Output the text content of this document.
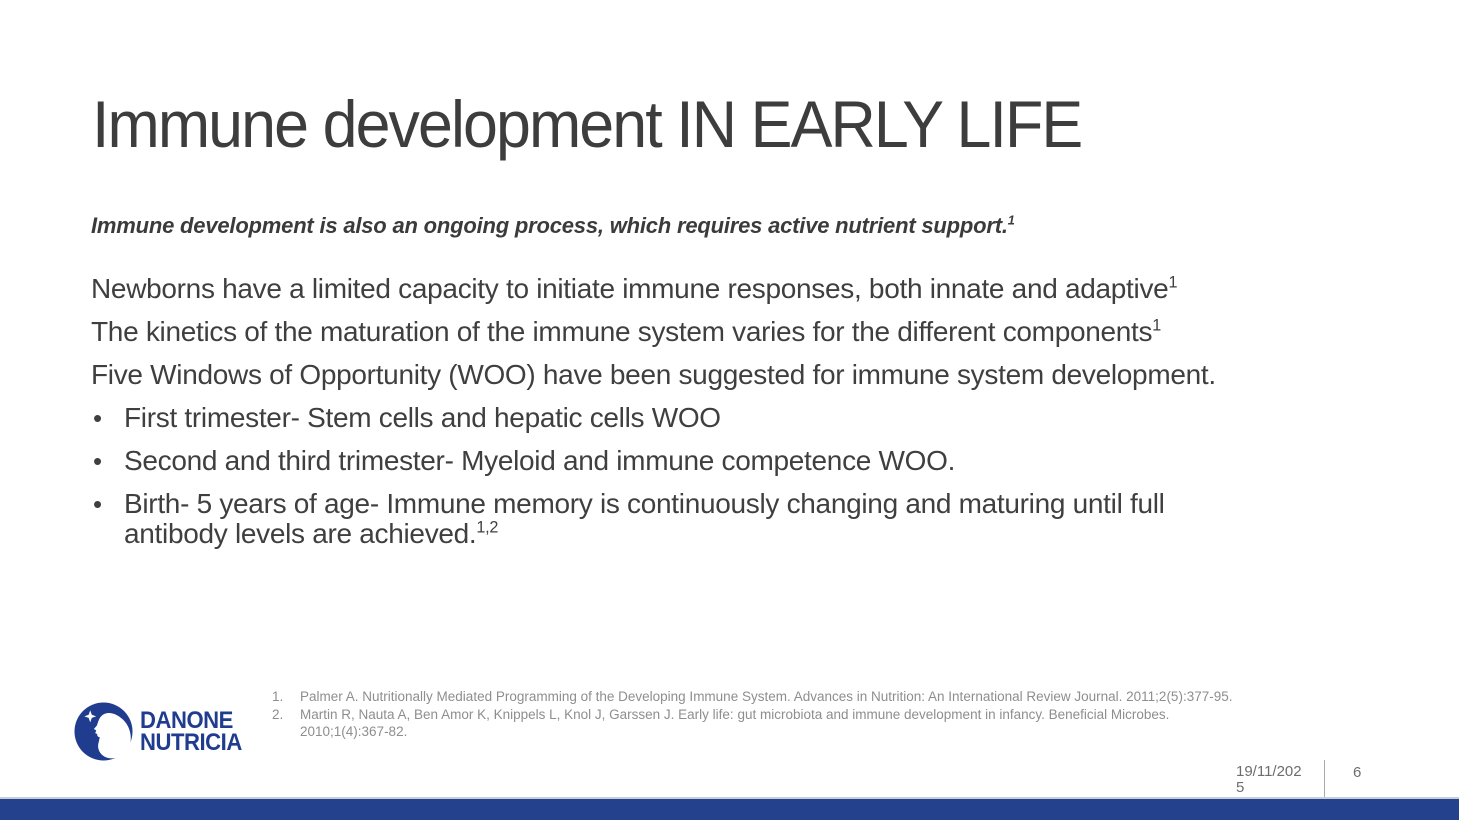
Immune development IN EARLY LIFE
Immune development is also an ongoing process, which requires active nutrient support.$^1$
Newborns have a limited capacity to initiate immune responses, both innate and adaptive$^1$
The kinetics of the maturation of the immune system varies for the different components$^1$
Five Windows of Opportunity (WOO) have been suggested for immune system development.
• First trimester- Stem cells and hepatic cells WOO
• Second and third trimester- Myeloid and immune competence WOO.
• Birth- 5 years of age- Immune memory is continuously changing and maturing until full antibody levels are achieved.$^{1,2}$
1.	Palmer A. Nutritionally Mediated Programming of the Developing Immune System. Advances in Nutrition: An International Review Journal. 2011;2(5):377-95.
2.	Martin R, Nauta A, Ben Amor K, Knippels L, Knol J, Garssen J. Early life: gut microbiota and immune development in infancy. Beneficial Microbes. 2010;1(4):367-82.
DANONE
NUTRICIA
19/11/2025
6
